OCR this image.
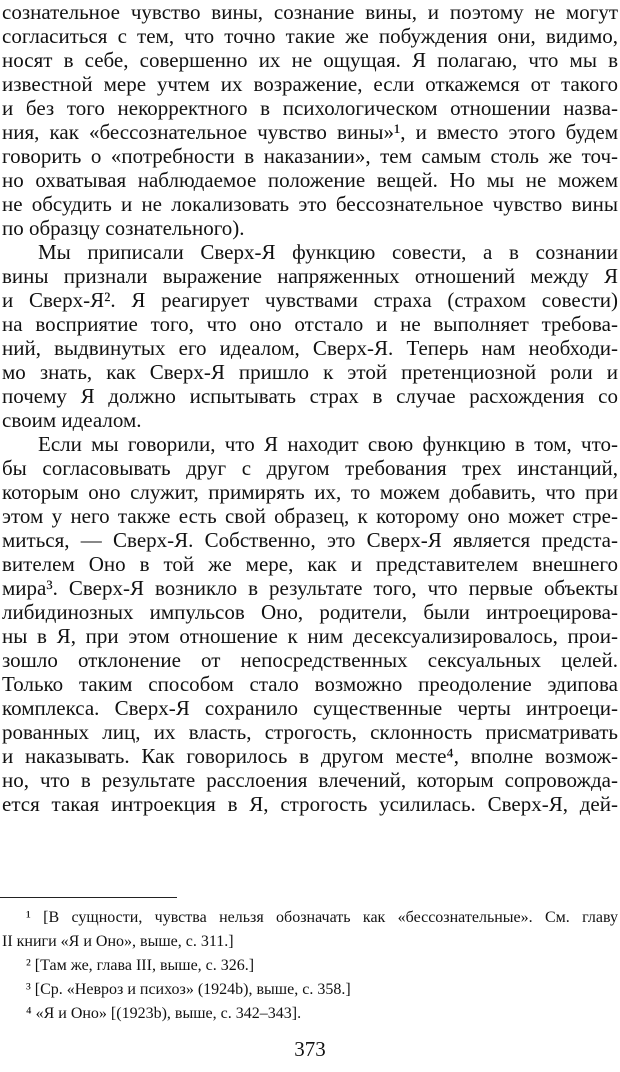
сознательное чувство вины, сознание вины, и поэтому не могут
согласиться с тем, что точно такие же побуждения они, видимо,
носят в себе, совершенно их не ощущая. Я полагаю, что мы в
известной мере учтем их возражение, если откажемся от такого
и без того некорректного в психологическом отношении назва-
ния, как «бессознательное чувство вины»¹, и вместо этого будем
говорить о «потребности в наказании», тем самым столь же точ-
но охватывая наблюдаемое положение вещей. Но мы не можем
не обсудить и не локализовать это бессознательное чувство вины
по образцу сознательного).
Мы приписали Сверх-Я функцию совести, а в сознании
вины признали выражение напряженных отношений между Я
и Сверх-Я². Я реагирует чувствами страха (страхом совести)
на восприятие того, что оно отстало и не выполняет требова-
ний, выдвинутых его идеалом, Сверх-Я. Теперь нам необходи-
мо знать, как Сверх-Я пришло к этой претенциозной роли и
почему Я должно испытывать страх в случае расхождения со
своим идеалом.
Если мы говорили, что Я находит свою функцию в том, что-
бы согласовывать друг с другом требования трех инстанций,
которым оно служит, примирять их, то можем добавить, что при
этом у него также есть свой образец, к которому оно может стре-
миться, — Сверх-Я. Собственно, это Сверх-Я является предста-
вителем Оно в той же мере, как и представителем внешнего
мира³. Сверх-Я возникло в результате того, что первые объекты
либидинозных импульсов Оно, родители, были интроецирова-
ны в Я, при этом отношение к ним десексуализировалось, прои-
зошло отклонение от непосредственных сексуальных целей.
Только таким способом стало возможно преодоление эдипова
комплекса. Сверх-Я сохранило существенные черты интроеци-
рованных лиц, их власть, строгость, склонность присматривать
и наказывать. Как говорилось в другом месте⁴, вполне возмож-
но, что в результате расслоения влечений, которым сопровожда-
ется такая интроекция в Я, строгость усилилась. Сверх-Я, дей-
¹ [В сущности, чувства нельзя обозначать как «бессознательные». См. главу
II книги «Я и Оно», выше, с. 311.]
² [Там же, глава III, выше, с. 326.]
³ [Ср. «Невроз и психоз» (1924b), выше, с. 358.]
⁴ «Я и Оно» [(1923b), выше, с. 342–343].
373
